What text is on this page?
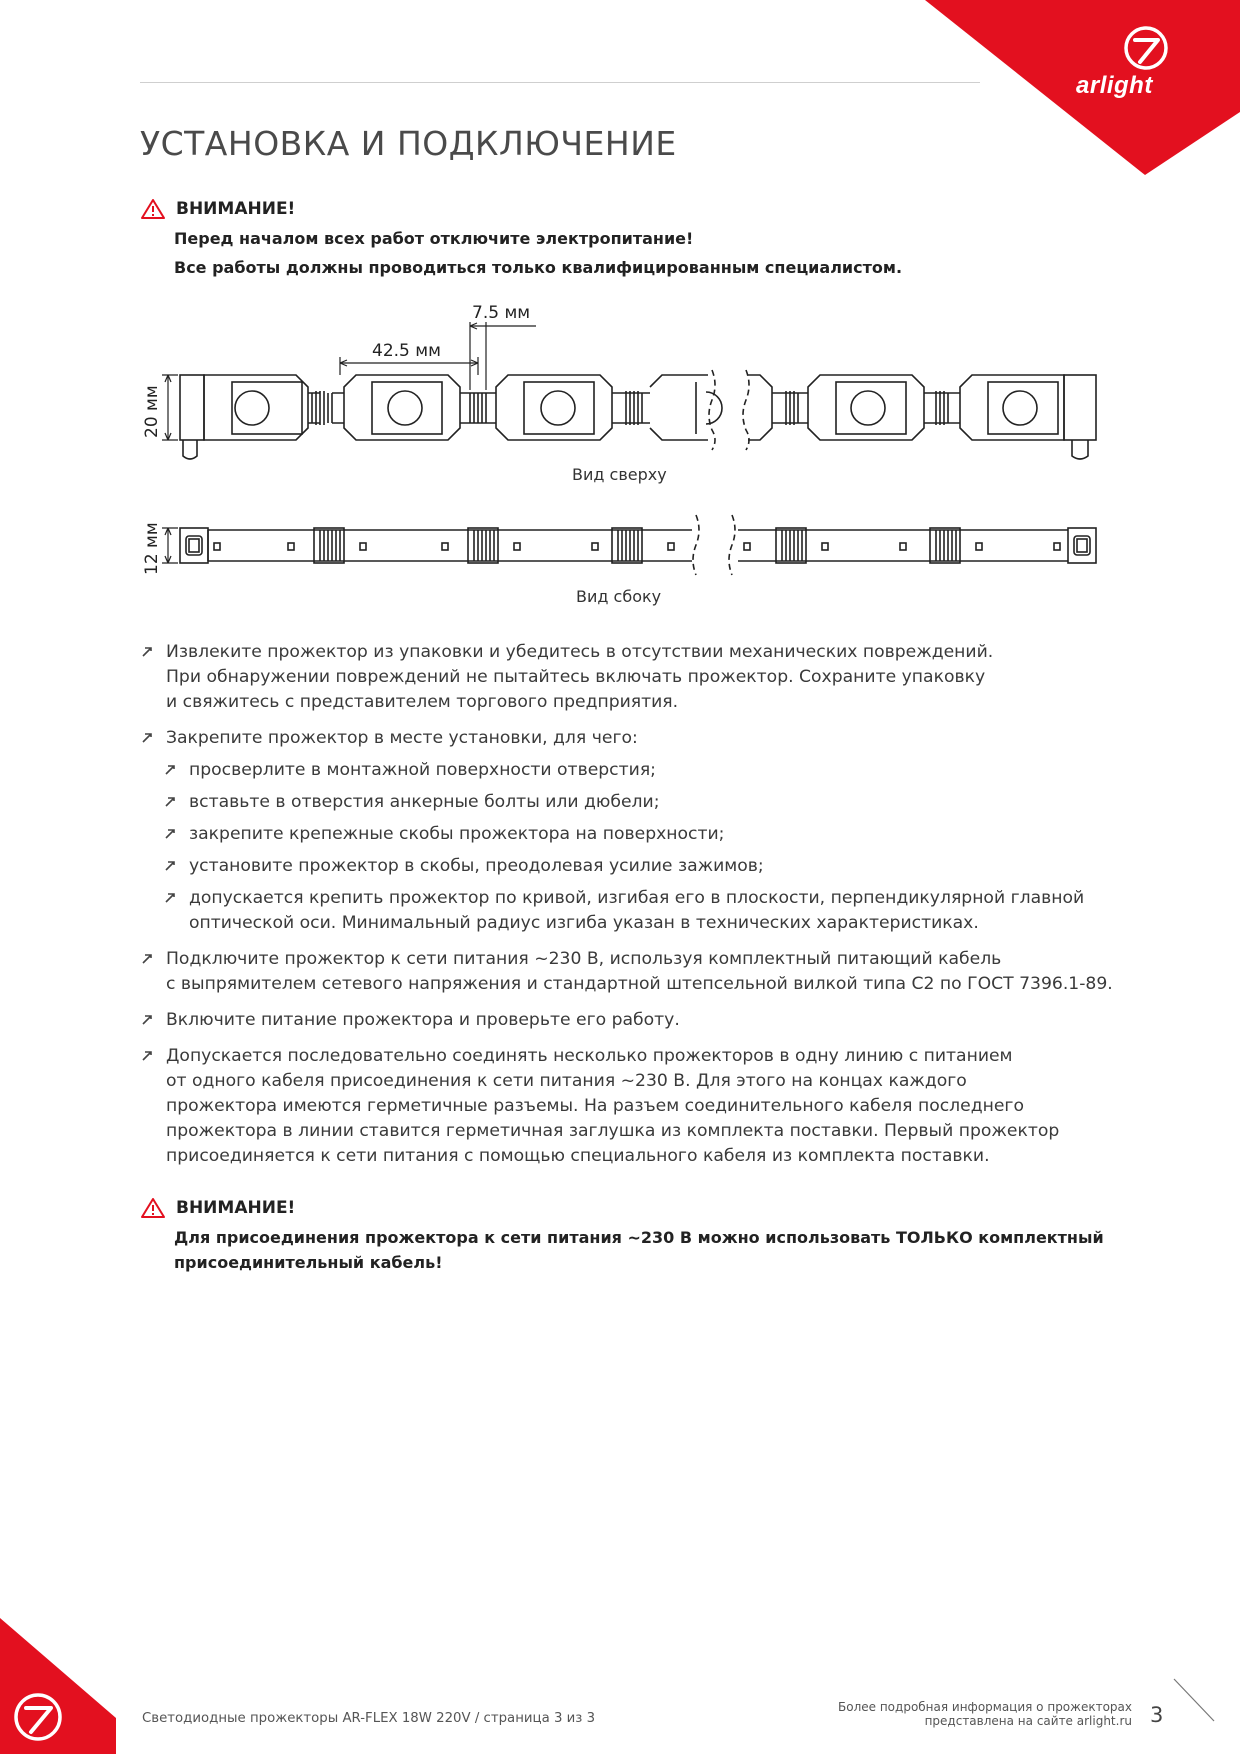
arlight
УСТАНОВКА И ПОДКЛЮЧЕНИЕ
ВНИМАНИЕ!
Перед началом всех работ отключите электропитание!
Все работы должны проводиться только квалифицированным специалистом.
42.5 мм
7.5 мм
20 мм
12 мм
Вид сверху
Вид сбоку
Извлеките прожектор из упаковки и убедитесь в отсутствии механических повреждений.
При обнаружении повреждений не пытайтесь включать прожектор. Сохраните упаковку
и свяжитесь с представителем торгового предприятия.
Закрепите прожектор в месте установки, для чего:
просверлите в монтажной поверхности отверстия;
вставьте в отверстия анкерные болты или дюбели;
закрепите крепежные скобы прожектора на поверхности;
установите прожектор в скобы, преодолевая усилие зажимов;
допускается крепить прожектор по кривой, изгибая его в плоскости, перпендикулярной главной
оптической оси. Минимальный радиус изгиба указан в технических характеристиках.
Подключите прожектор к сети питания ~230 В, используя комплектный питающий кабель
с выпрямителем сетевого напряжения и стандартной штепсельной вилкой типа C2 по ГОСТ 7396.1-89.
Включите питание прожектора и проверьте его работу.
Допускается последовательно соединять несколько прожекторов в одну линию с питанием
от одного кабеля присоединения к сети питания ~230 В. Для этого на концах каждого
прожектора имеются герметичные разъемы. На разъем соединительного кабеля последнего
прожектора в линии ставится герметичная заглушка из комплекта поставки. Первый прожектор
присоединяется к сети питания с помощью специального кабеля из комплекта поставки.
ВНИМАНИЕ!
Для присоединения прожектора к сети питания ~230 В можно использовать ТОЛЬКО комплектный
присоединительный кабель!
Светодиодные прожекторы AR-FLEX 18W 220V / страница 3 из 3
Более подробная информация о прожекторах
представлена на сайте arlight.ru 3
